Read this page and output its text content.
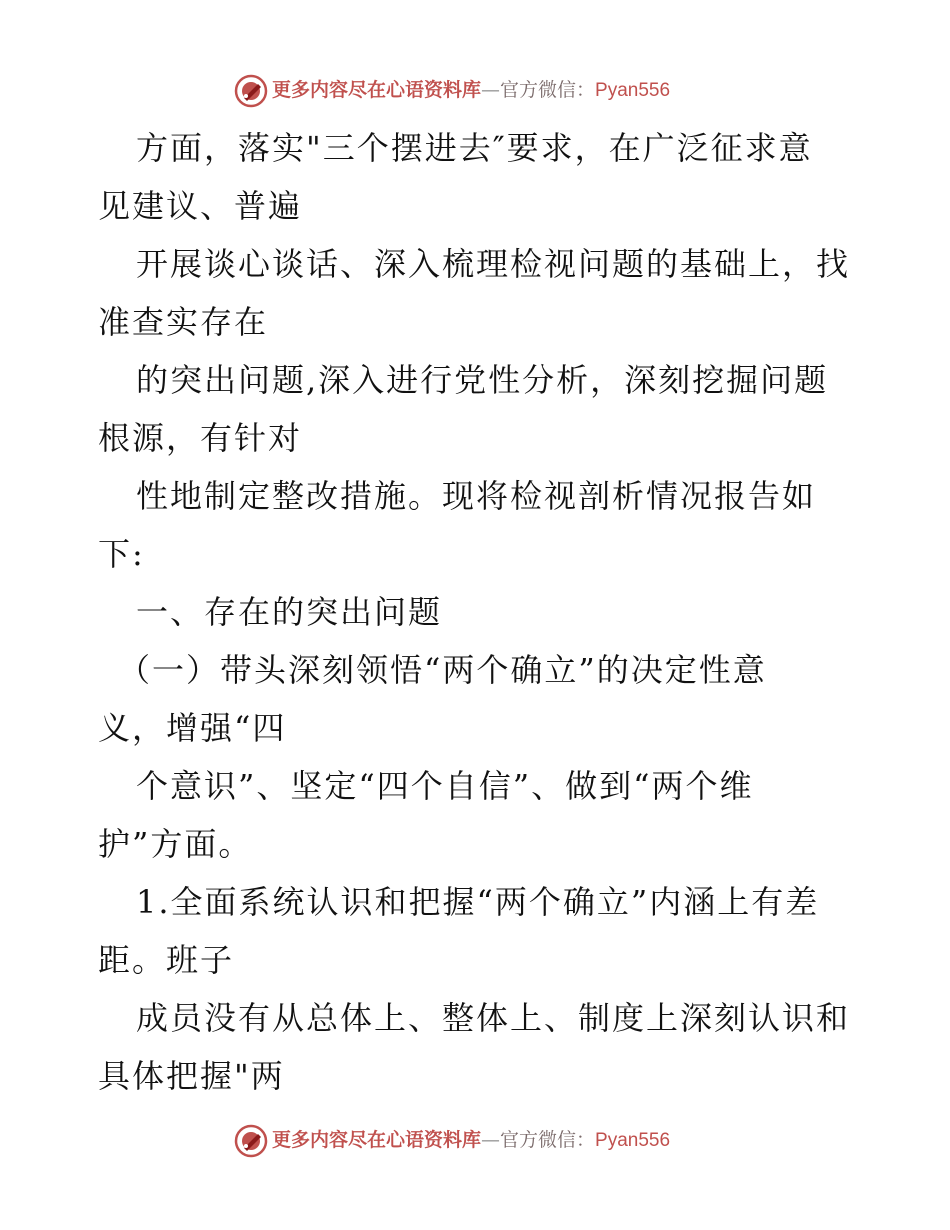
更多内容尽在心语资料库—官方微信：Pyan556
方面，落实"三个摆进去″要求，在广泛征求意
见建议、普遍
开展谈心谈话、深入梳理检视问题的基础上，找
准查实存在
的突出问题,深入进行党性分析，深刻挖掘问题
根源，有针对
性地制定整改措施。现将检视剖析情况报告如
下:
一、存在的突出问题
（一）带头深刻领悟“两个确立”的决定性意
义，增强“四
个意识”、坚定“四个自信”、做到“两个维
护”方面。
1.全面系统认识和把握“两个确立”内涵上有差
距。班子
成员没有从总体上、整体上、制度上深刻认识和
具体把握"两
更多内容尽在心语资料库—官方微信：Pyan556
